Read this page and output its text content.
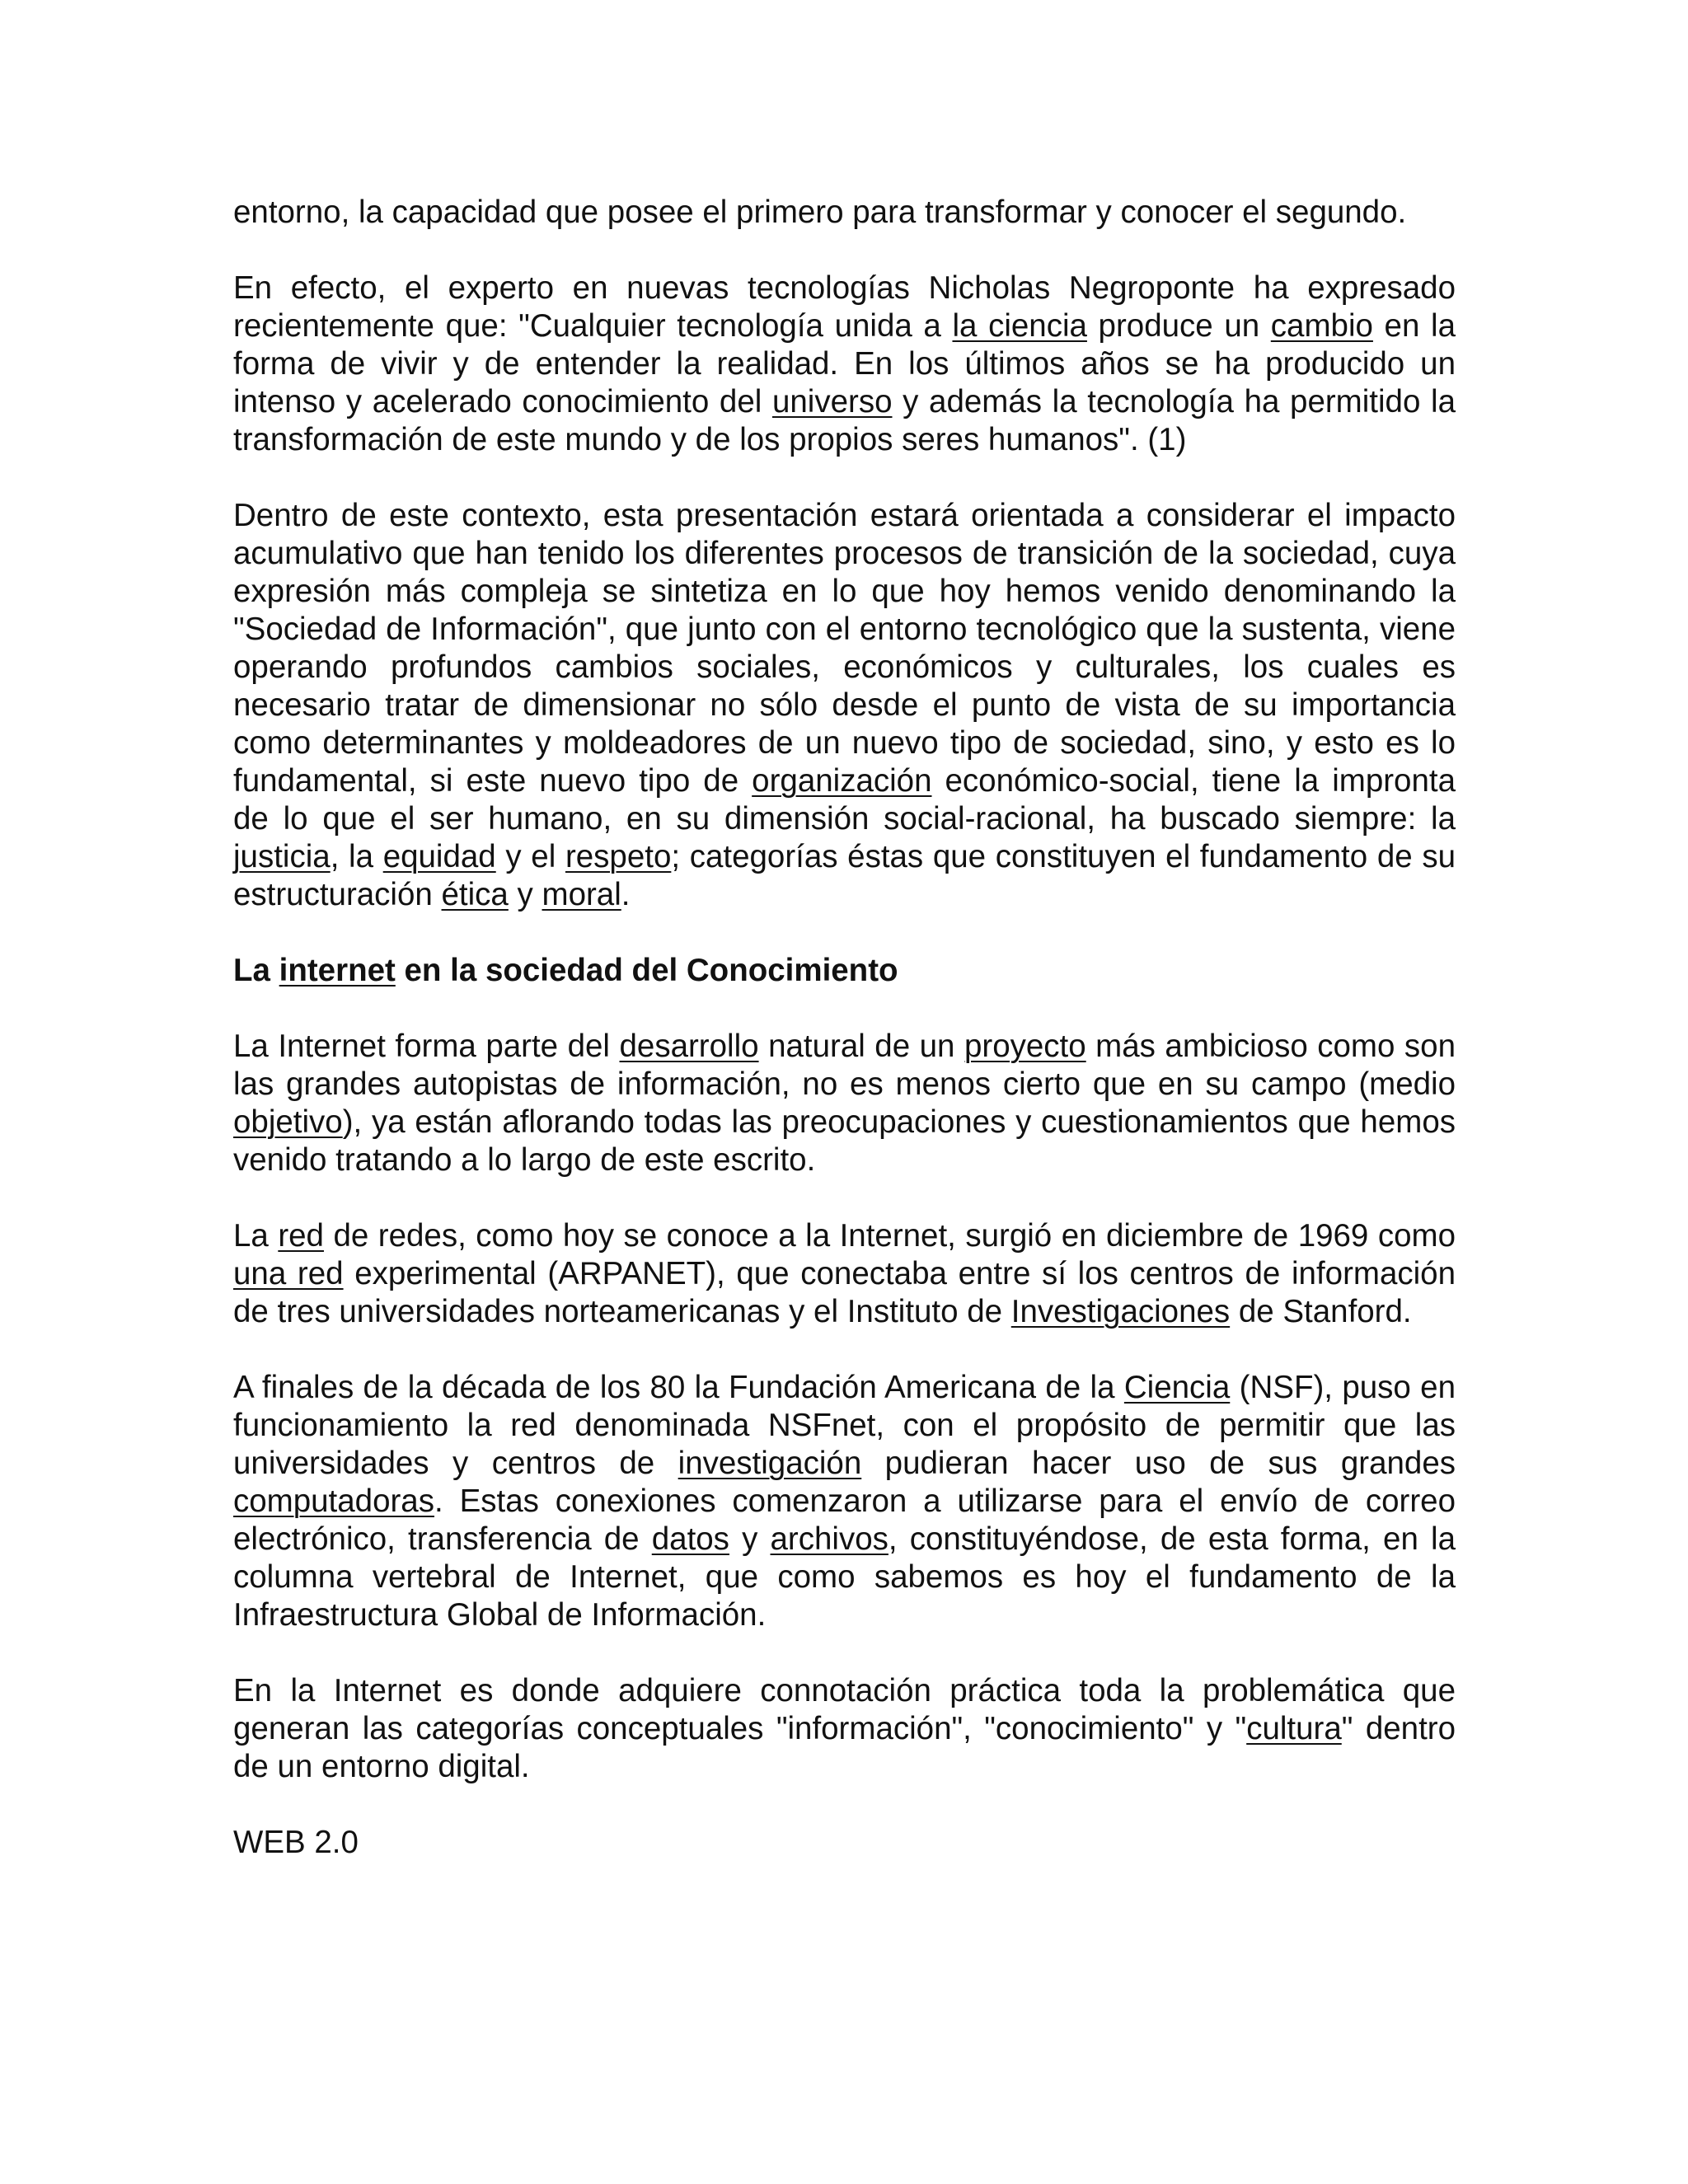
entorno, la capacidad que posee el primero para transformar y conocer el segundo.

En efecto, el experto en nuevas tecnologías Nicholas Negroponte ha expresado recientemente que: "Cualquier tecnología unida a la ciencia produce un cambio en la forma de vivir y de entender la realidad. En los últimos años se ha producido un intenso y acelerado conocimiento del universo y además la tecnología ha permitido la transformación de este mundo y de los propios seres humanos". (1)

Dentro de este contexto, esta presentación estará orientada a considerar el impacto acumulativo que han tenido los diferentes procesos de transición de la sociedad, cuya expresión más compleja se sintetiza en lo que hoy hemos venido denominando la "Sociedad de Información", que junto con el entorno tecnológico que la sustenta, viene operando profundos cambios sociales, económicos y culturales, los cuales es necesario tratar de dimensionar no sólo desde el punto de vista de su importancia como determinantes y moldeadores de un nuevo tipo de sociedad, sino, y esto es lo fundamental, si este nuevo tipo de organización económico-social, tiene la impronta de lo que el ser humano, en su dimensión social-racional, ha buscado siempre: la justicia, la equidad y el respeto; categorías éstas que constituyen el fundamento de su estructuración ética y moral.

La internet en la sociedad del Conocimiento

La Internet forma parte del desarrollo natural de un proyecto más ambicioso como son las grandes autopistas de información, no es menos cierto que en su campo (medio objetivo), ya están aflorando todas las preocupaciones y cuestionamientos que hemos venido tratando a lo largo de este escrito.

La red de redes, como hoy se conoce a la Internet, surgió en diciembre de 1969 como una red experimental (ARPANET), que conectaba entre sí los centros de información de tres universidades norteamericanas y el Instituto de Investigaciones de Stanford.

A finales de la década de los 80 la Fundación Americana de la Ciencia (NSF), puso en funcionamiento la red denominada NSFnet, con el propósito de permitir que las universidades y centros de investigación pudieran hacer uso de sus grandes computadoras. Estas conexiones comenzaron a utilizarse para el envío de correo electrónico, transferencia de datos y archivos, constituyéndose, de esta forma, en la columna vertebral de Internet, que como sabemos es hoy el fundamento de la Infraestructura Global de Información.

En la Internet es donde adquiere connotación práctica toda la problemática que generan las categorías conceptuales "información", "conocimiento" y "cultura" dentro de un entorno digital.

WEB 2.0
